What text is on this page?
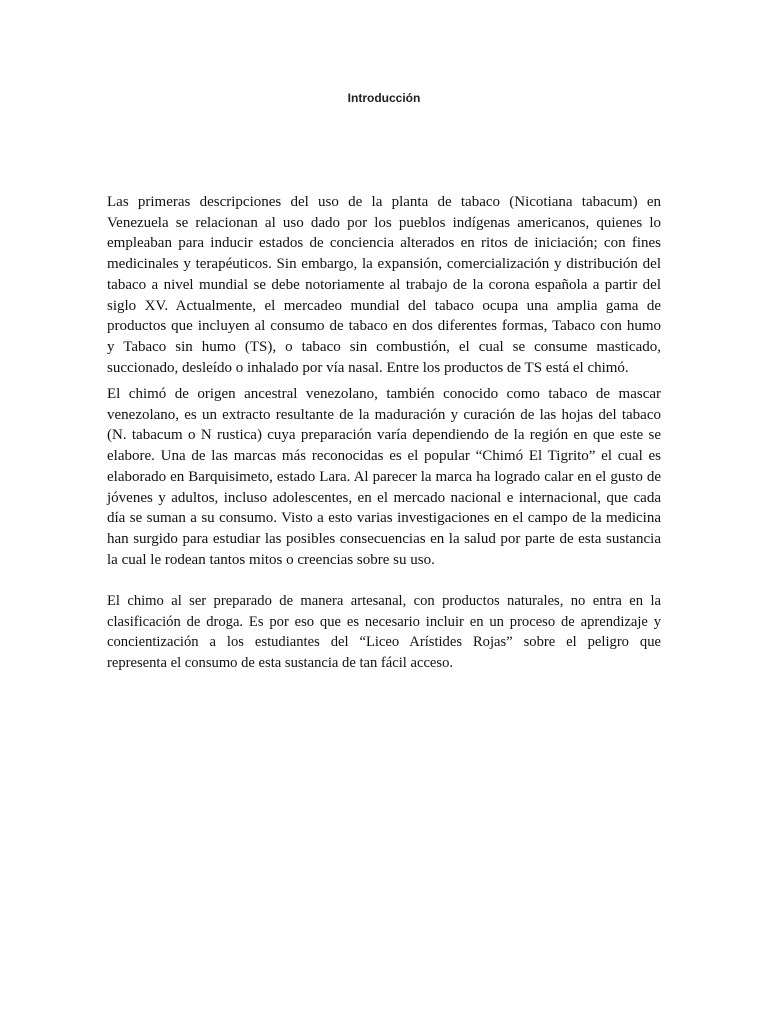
Introducción
Las primeras descripciones del uso de la planta de tabaco (Nicotiana tabacum) en
Venezuela se relacionan al uso dado por los pueblos indígenas americanos, quienes lo
empleaban para inducir estados de conciencia alterados en ritos de iniciación; con fines
medicinales y terapéuticos. Sin embargo, la expansión, comercialización y distribución del
tabaco a nivel mundial se debe notoriamente al trabajo de la corona española a partir del
siglo XV. Actualmente, el mercadeo mundial del tabaco ocupa una amplia gama de
productos que incluyen al consumo de tabaco en dos diferentes formas, Tabaco con humo
y Tabaco sin humo (TS), o tabaco sin combustión, el cual se consume masticado,
succionado, desleído o inhalado por vía nasal. Entre los productos de TS está el chimó.
El chimó de origen ancestral venezolano, también conocido como tabaco de mascar
venezolano, es un extracto resultante de la maduración y curación de las hojas del tabaco
(N. tabacum o N rustica) cuya preparación varía dependiendo de la región en que este se
elabore. Una de las marcas más reconocidas es el popular “Chimó El Tigrito” el cual es
elaborado en Barquisimeto, estado Lara. Al parecer la marca ha logrado calar en el gusto de
jóvenes y adultos, incluso adolescentes, en el mercado nacional e internacional, que cada
día se suman a su consumo. Visto a esto varias investigaciones en el campo de la medicina
han surgido para estudiar las posibles consecuencias en la salud por parte de esta sustancia
la cual le rodean tantos mitos o creencias sobre su uso.
El chimo al ser preparado de manera artesanal, con productos naturales, no entra en la
clasificación de droga. Es por eso que es necesario incluir en un proceso de aprendizaje y
concientización a los estudiantes del “Liceo Arístides Rojas” sobre el peligro que
representa el consumo de esta sustancia de tan fácil acceso.
